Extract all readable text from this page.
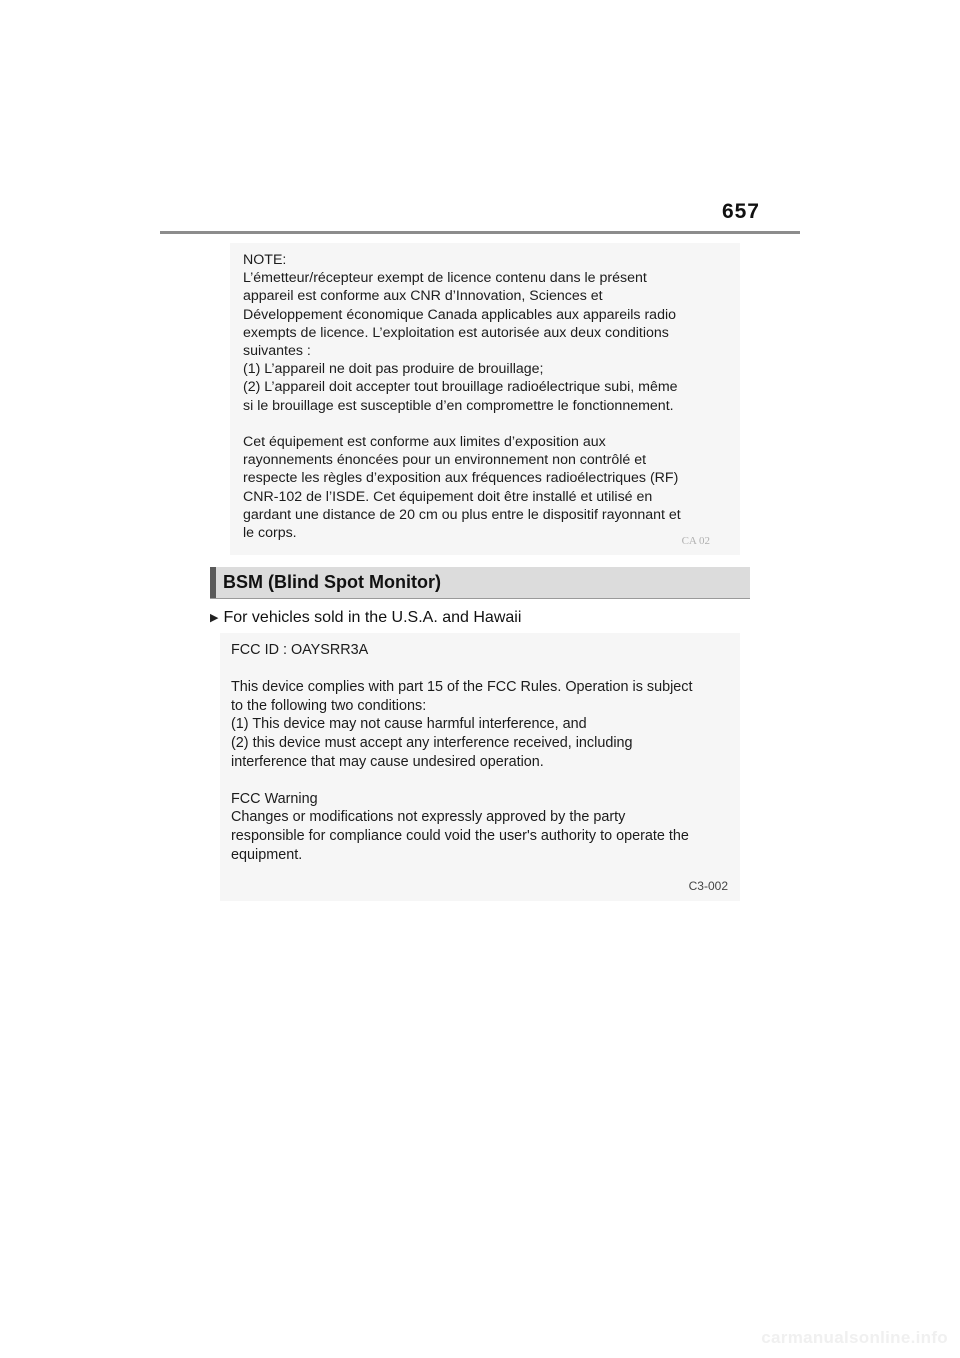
657
NOTE:
L’émetteur/récepteur exempt de licence contenu dans le présent
appareil est conforme aux CNR d’Innovation, Sciences et
Développement économique Canada applicables aux appareils radio
exempts de licence. L’exploitation est autorisée aux deux conditions
suivantes :
(1) L’appareil ne doit pas produire de brouillage;
(2) L’appareil doit accepter tout brouillage radioélectrique subi, même
si le brouillage est susceptible d’en compromettre le fonctionnement.
Cet équipement est conforme aux limites d’exposition aux
rayonnements énoncées pour un environnement non contrôlé et
respecte les règles d’exposition aux fréquences radioélectriques (RF)
CNR-102 de l’ISDE. Cet équipement doit être installé et utilisé en
gardant une distance de 20 cm ou plus entre le dispositif rayonnant et
le corps.	CA 02
BSM (Blind Spot Monitor)
▶ For vehicles sold in the U.S.A. and Hawaii
FCC ID : OAYSRR3A
This device complies with part 15 of the FCC Rules. Operation is subject
to the following two conditions:
(1) This device may not cause harmful interference, and
(2) this device must accept any interference received, including
interference that may cause undesired operation.
FCC Warning
Changes or modifications not expressly approved by the party
responsible for compliance could void the user's authority to operate the
equipment.
C3-002
carmanualsonline.info
